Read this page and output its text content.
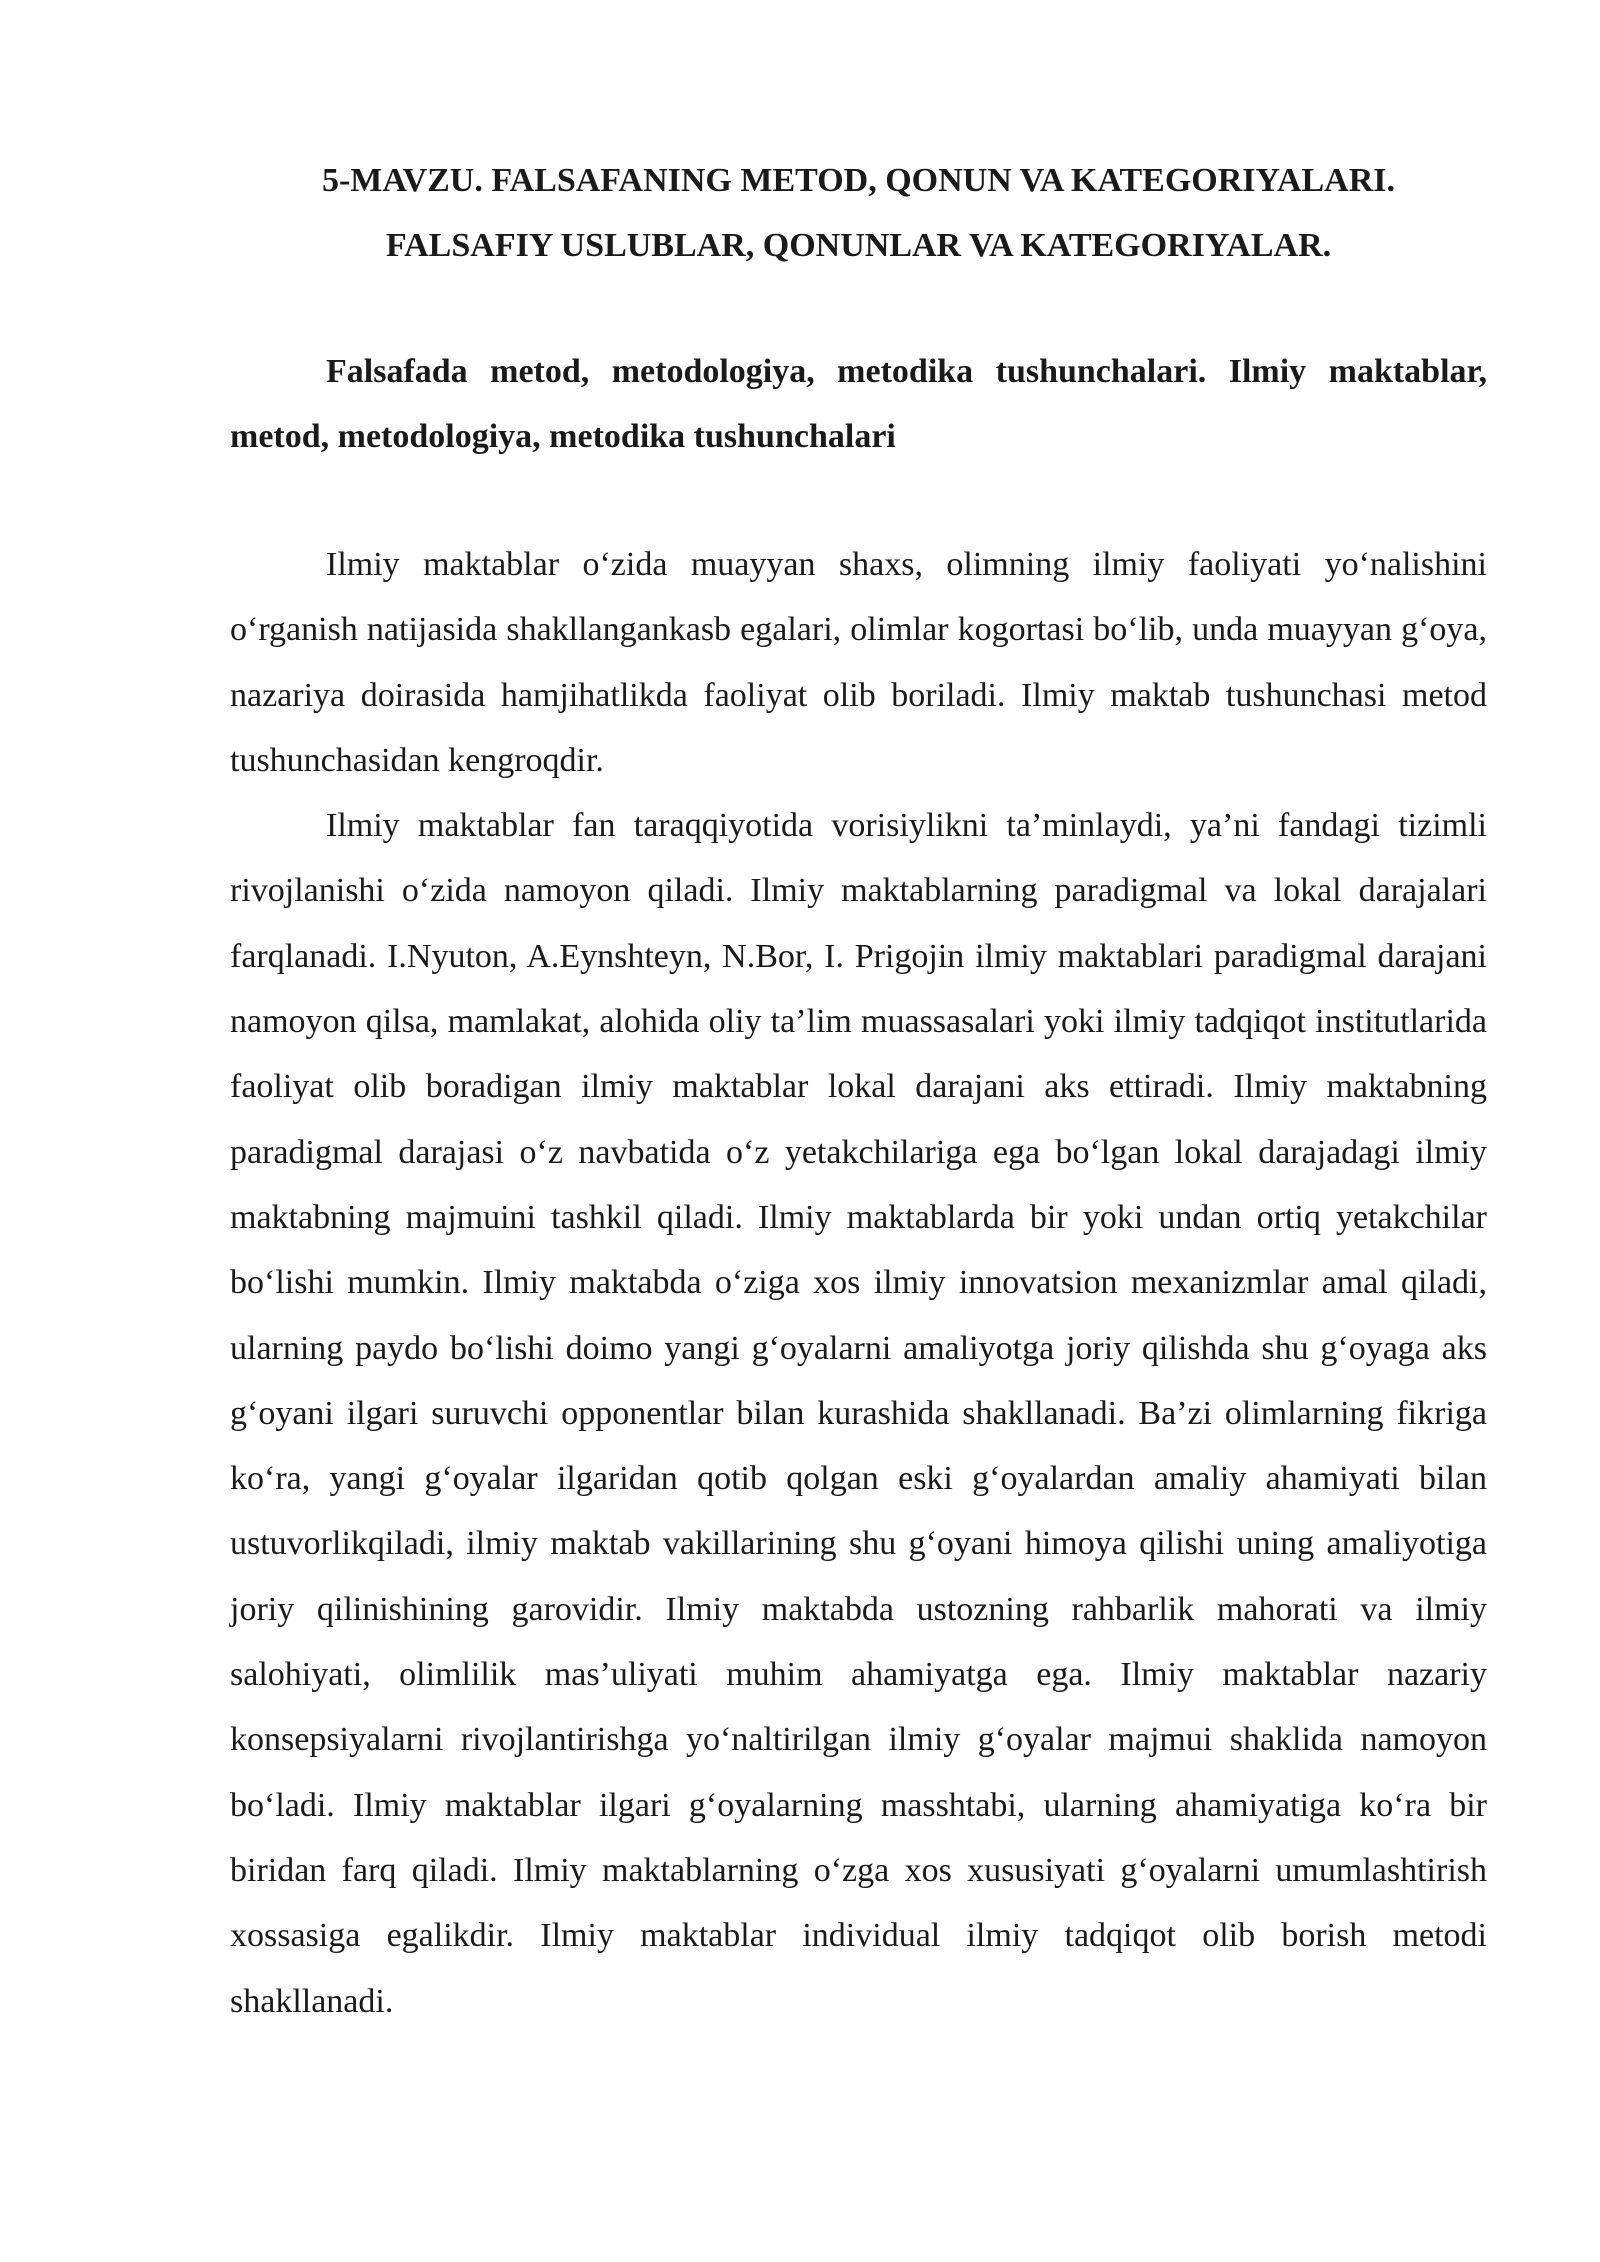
5-MAVZU. FALSAFANING METOD, QONUN VA KATEGORIYALARI.
FALSAFIY USLUBLAR, QONUNLAR VA KATEGORIYALAR.

Falsafada metod, metodologiya, metodika tushunchalari. Ilmiy maktablar, metod, metodologiya, metodika tushunchalari

Ilmiy maktablar o‘zida muayyan shaxs, olimning ilmiy faoliyati yo‘nalishini o‘rganish natijasida shakllangankasb egalari, olimlar kogortasi bo‘lib, unda muayyan g‘oya, nazariya doirasida hamjihatlikda faoliyat olib boriladi. Ilmiy maktab tushunchasi metod tushunchasidan kengroqdir.

Ilmiy maktablar fan taraqqiyotida vorisiylikni ta’minlaydi, ya’ni fandagi tizimli rivojlanishi o‘zida namoyon qiladi. Ilmiy maktablarning paradigmal va lokal darajalari farqlanadi. I.Nyuton, A.Eynshteyn, N.Bor, I. Prigojin ilmiy maktablari paradigmal darajani namoyon qilsa, mamlakat, alohida oliy ta’lim muassasalari yoki ilmiy tadqiqot institutlarida faoliyat olib boradigan ilmiy maktablar lokal darajani aks ettiradi. Ilmiy maktabning paradigmal darajasi o‘z navbatida o‘z yetakchilariga ega bo‘lgan lokal darajadagi ilmiy maktabning majmuini tashkil qiladi. Ilmiy maktablarda bir yoki undan ortiq yetakchilar bo‘lishi mumkin. Ilmiy maktabda o‘ziga xos ilmiy innovatsion mexanizmlar amal qiladi, ularning paydo bo‘lishi doimo yangi g‘oyalarni amaliyotga joriy qilishda shu g‘oyaga aks g‘oyani ilgari suruvchi opponentlar bilan kurashida shakllanadi. Ba’zi olimlarning fikriga ko‘ra, yangi g‘oyalar ilgaridan qotib qolgan eski g‘oyalardan amaliy ahamiyati bilan ustuvorlikqiladi, ilmiy maktab vakillarining shu g‘oyani himoya qilishi uning amaliyotiga joriy qilinishining garovidir. Ilmiy maktabda ustozning rahbarlik mahorati va ilmiy salohiyati, olimlilik mas’uliyati muhim ahamiyatga ega. Ilmiy maktablar nazariy konsepsiyalarni rivojlantirishga yo‘naltirilgan ilmiy g‘oyalar majmui shaklida namoyon bo‘ladi. Ilmiy maktablar ilgari g‘oyalarning masshtabi, ularning ahamiyatiga ko‘ra bir biridan farq qiladi. Ilmiy maktablarning o‘zga xos xususiyati g‘oyalarni umumlashtirish xossasiga egalikdir. Ilmiy maktablar individual ilmiy tadqiqot olib borish metodi shakllanadi.
